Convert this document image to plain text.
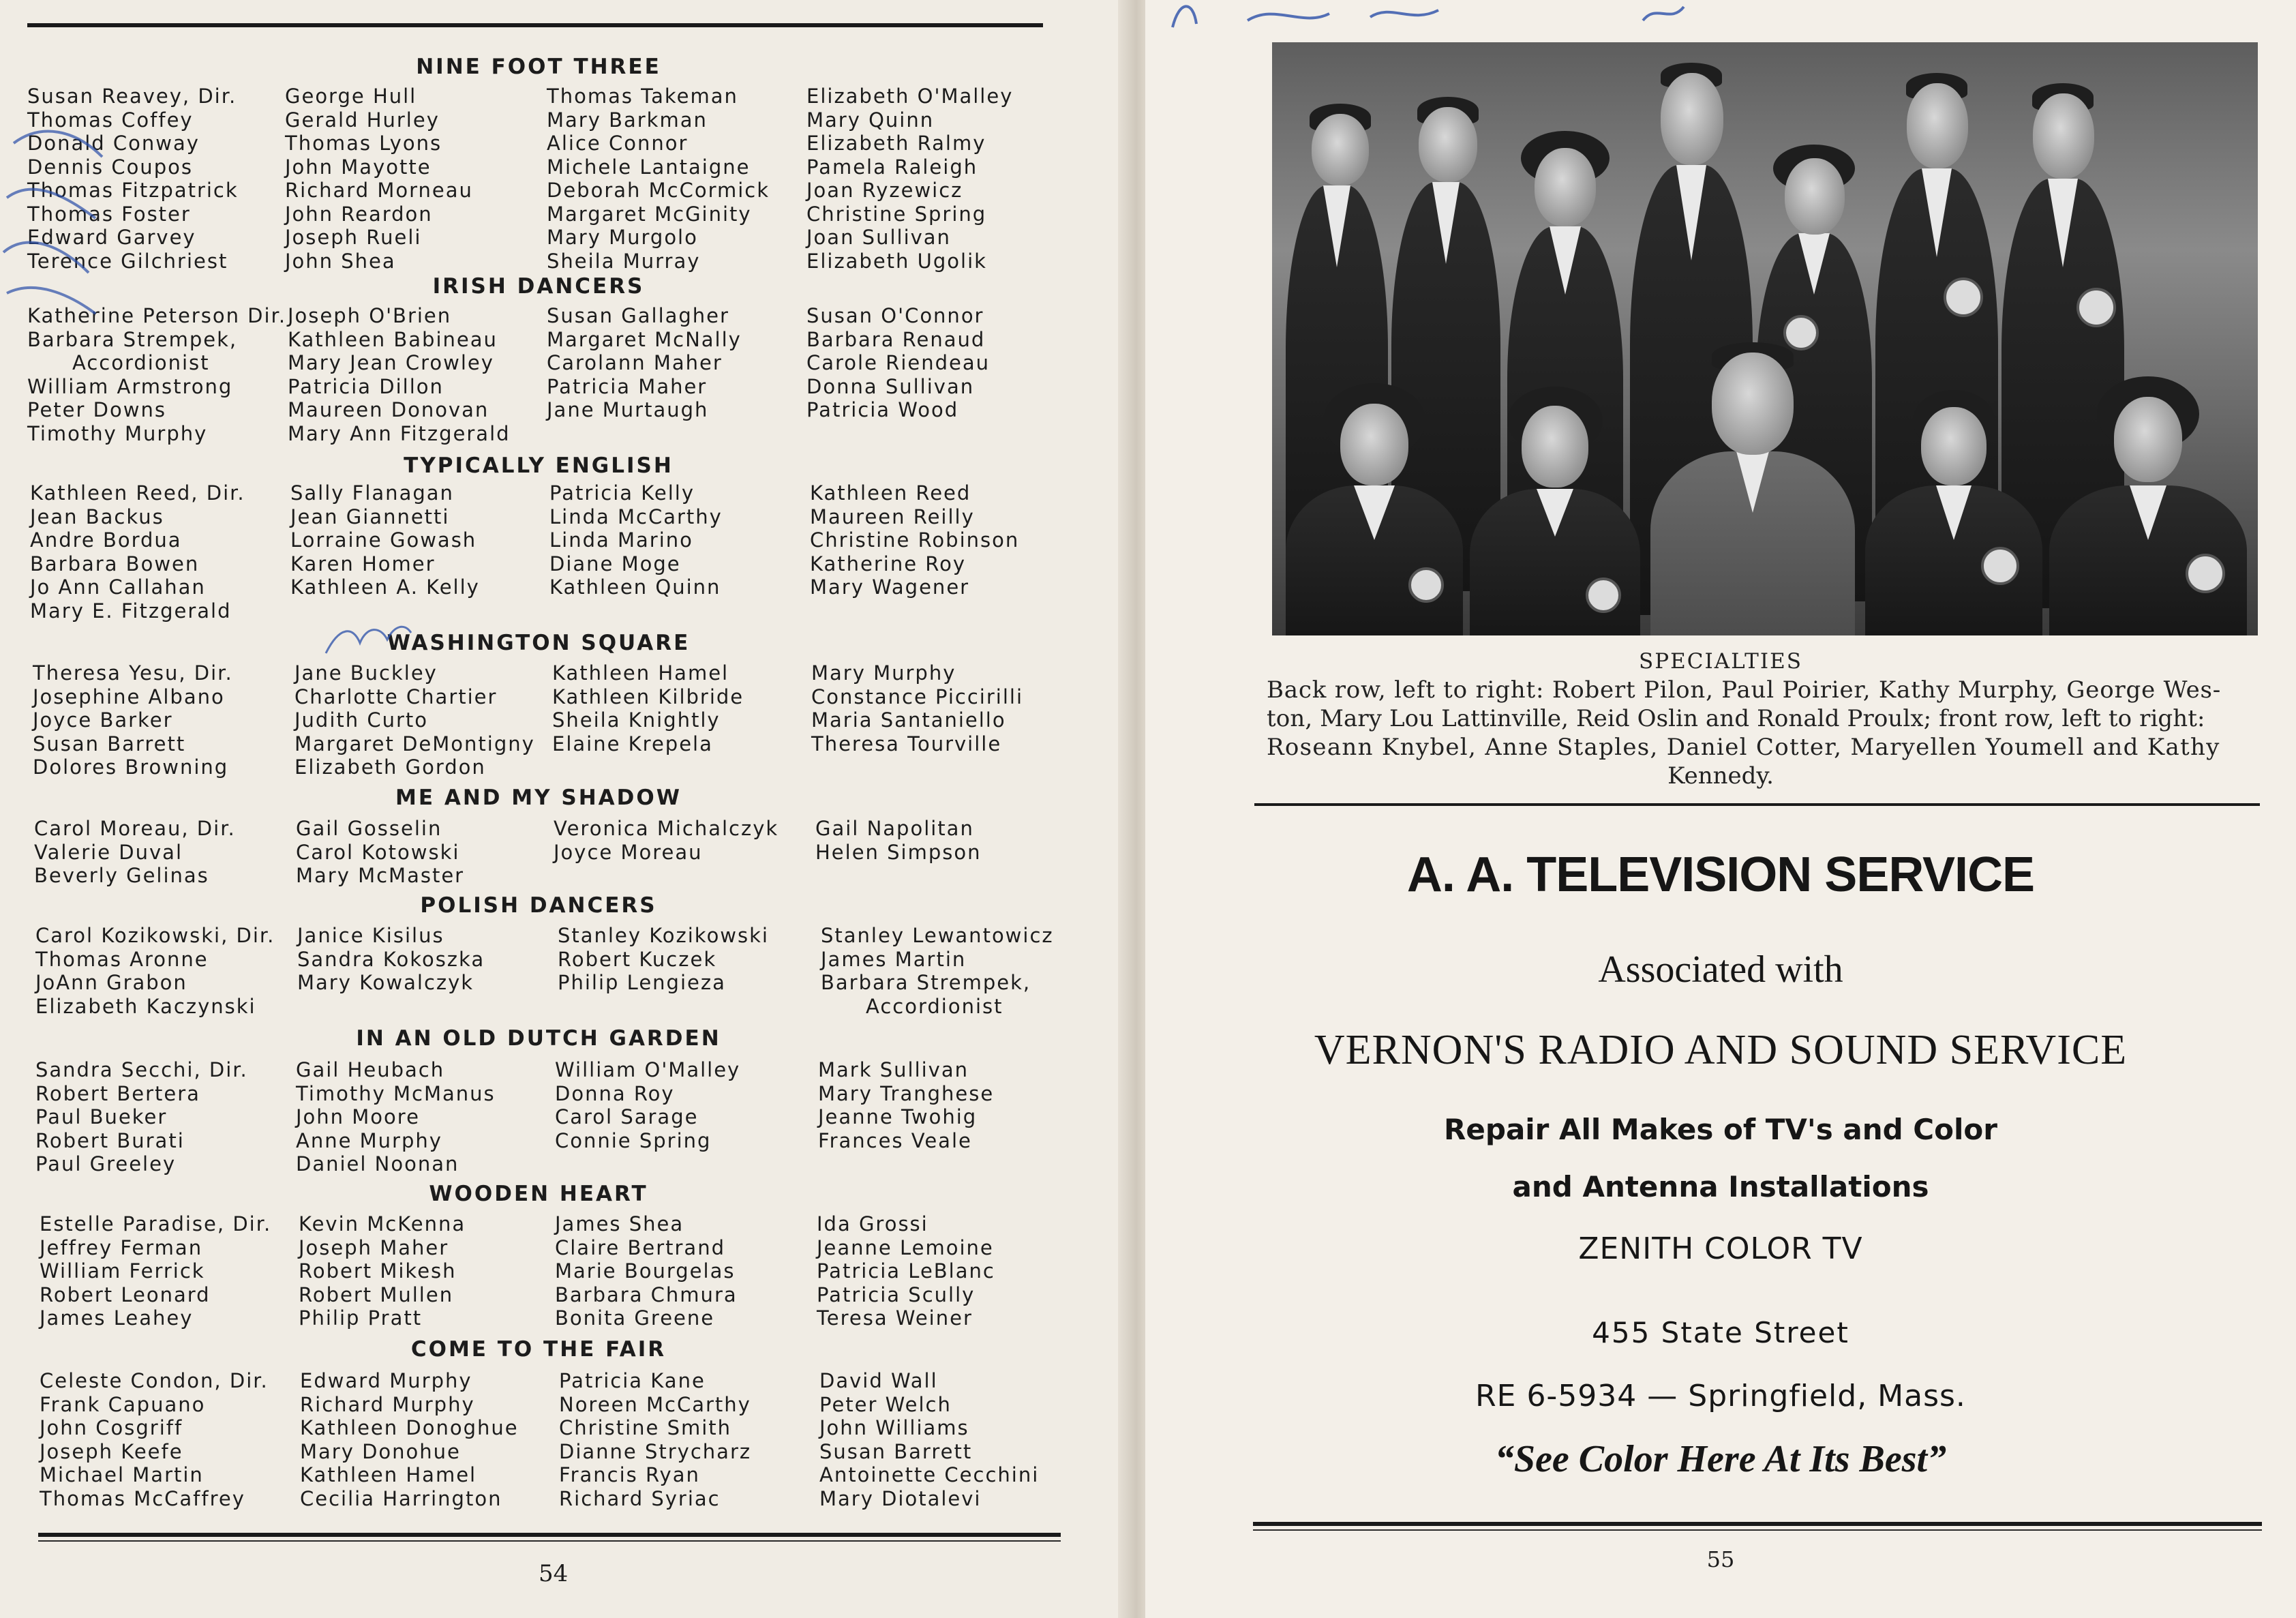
NINE FOOT THREE
Susan Reavey, Dir.
Thomas Coffey
Donald Conway
Dennis Coupos
Thomas Fitzpatrick
Thomas Foster
Edward Garvey
Terence Gilchriest
George Hull
Gerald Hurley
Thomas Lyons
John Mayotte
Richard Morneau
John Reardon
Joseph Rueli
John Shea
Thomas Takeman
Mary Barkman
Alice Connor
Michele Lantaigne
Deborah McCormick
Margaret McGinity
Mary Murgolo
Sheila Murray
Elizabeth O'Malley
Mary Quinn
Elizabeth Ralmy
Pamela Raleigh
Joan Ryzewicz
Christine Spring
Joan Sullivan
Elizabeth Ugolik
IRISH DANCERS
Katherine Peterson Dir.
Barbara Strempek,
Accordionist
William Armstrong
Peter Downs
Timothy Murphy
Joseph O'Brien
Kathleen Babineau
Mary Jean Crowley
Patricia Dillon
Maureen Donovan
Mary Ann Fitzgerald
Susan Gallagher
Margaret McNally
Carolann Maher
Patricia Maher
Jane Murtaugh
Susan O'Connor
Barbara Renaud
Carole Riendeau
Donna Sullivan
Patricia Wood
TYPICALLY ENGLISH
Kathleen Reed, Dir.
Jean Backus
Andre Bordua
Barbara Bowen
Jo Ann Callahan
Mary E. Fitzgerald
Sally Flanagan
Jean Giannetti
Lorraine Gowash
Karen Homer
Kathleen A. Kelly
Patricia Kelly
Linda McCarthy
Linda Marino
Diane Moge
Kathleen Quinn
Kathleen Reed
Maureen Reilly
Christine Robinson
Katherine Roy
Mary Wagener
WASHINGTON SQUARE
Theresa Yesu, Dir.
Josephine Albano
Joyce Barker
Susan Barrett
Dolores Browning
Jane Buckley
Charlotte Chartier
Judith Curto
Margaret DeMontigny
Elizabeth Gordon
Kathleen Hamel
Kathleen Kilbride
Sheila Knightly
Elaine Krepela
Mary Murphy
Constance Piccirilli
Maria Santaniello
Theresa Tourville
ME AND MY SHADOW
Carol Moreau, Dir.
Valerie Duval
Beverly Gelinas
Gail Gosselin
Carol Kotowski
Mary McMaster
Veronica Michalczyk
Joyce Moreau
Gail Napolitan
Helen Simpson
POLISH DANCERS
Carol Kozikowski, Dir.
Thomas Aronne
JoAnn Grabon
Elizabeth Kaczynski
Janice Kisilus
Sandra Kokoszka
Mary Kowalczyk
Stanley Kozikowski
Robert Kuczek
Philip Lengieza
Stanley Lewantowicz
James Martin
Barbara Strempek,
Accordionist
IN AN OLD DUTCH GARDEN
Sandra Secchi, Dir.
Robert Bertera
Paul Bueker
Robert Burati
Paul Greeley
Gail Heubach
Timothy McManus
John Moore
Anne Murphy
Daniel Noonan
William O'Malley
Donna Roy
Carol Sarage
Connie Spring
Mark Sullivan
Mary Tranghese
Jeanne Twohig
Frances Veale
WOODEN HEART
Estelle Paradise, Dir.
Jeffrey Ferman
William Ferrick
Robert Leonard
James Leahey
Kevin McKenna
Joseph Maher
Robert Mikesh
Robert Mullen
Philip Pratt
James Shea
Claire Bertrand
Marie Bourgelas
Barbara Chmura
Bonita Greene
Ida Grossi
Jeanne Lemoine
Patricia LeBlanc
Patricia Scully
Teresa Weiner
COME TO THE FAIR
Celeste Condon, Dir.
Frank Capuano
John Cosgriff
Joseph Keefe
Michael Martin
Thomas McCaffrey
Edward Murphy
Richard Murphy
Kathleen Donoghue
Mary Donohue
Kathleen Hamel
Cecilia Harrington
Patricia Kane
Noreen McCarthy
Christine Smith
Dianne Strycharz
Francis Ryan
Richard Syriac
David Wall
Peter Welch
John Williams
Susan Barrett
Antoinette Cecchini
Mary Diotalevi
54
SPECIALTIES
Back row, left to right: Robert Pilon, Paul Poirier, Kathy Murphy, George Wes-
ton, Mary Lou Lattinville, Reid Oslin and Ronald Proulx; front row, left to right:
Roseann Knybel, Anne Staples, Daniel Cotter, Maryellen Youmell and Kathy
Kennedy.
A. A. TELEVISION SERVICE
Associated with
VERNON'S RADIO AND SOUND SERVICE
Repair All Makes of TV's and Color
and Antenna Installations
ZENITH COLOR TV
455 State Street
RE 6-5934 — Springfield, Mass.
“See Color Here At Its Best”
55
